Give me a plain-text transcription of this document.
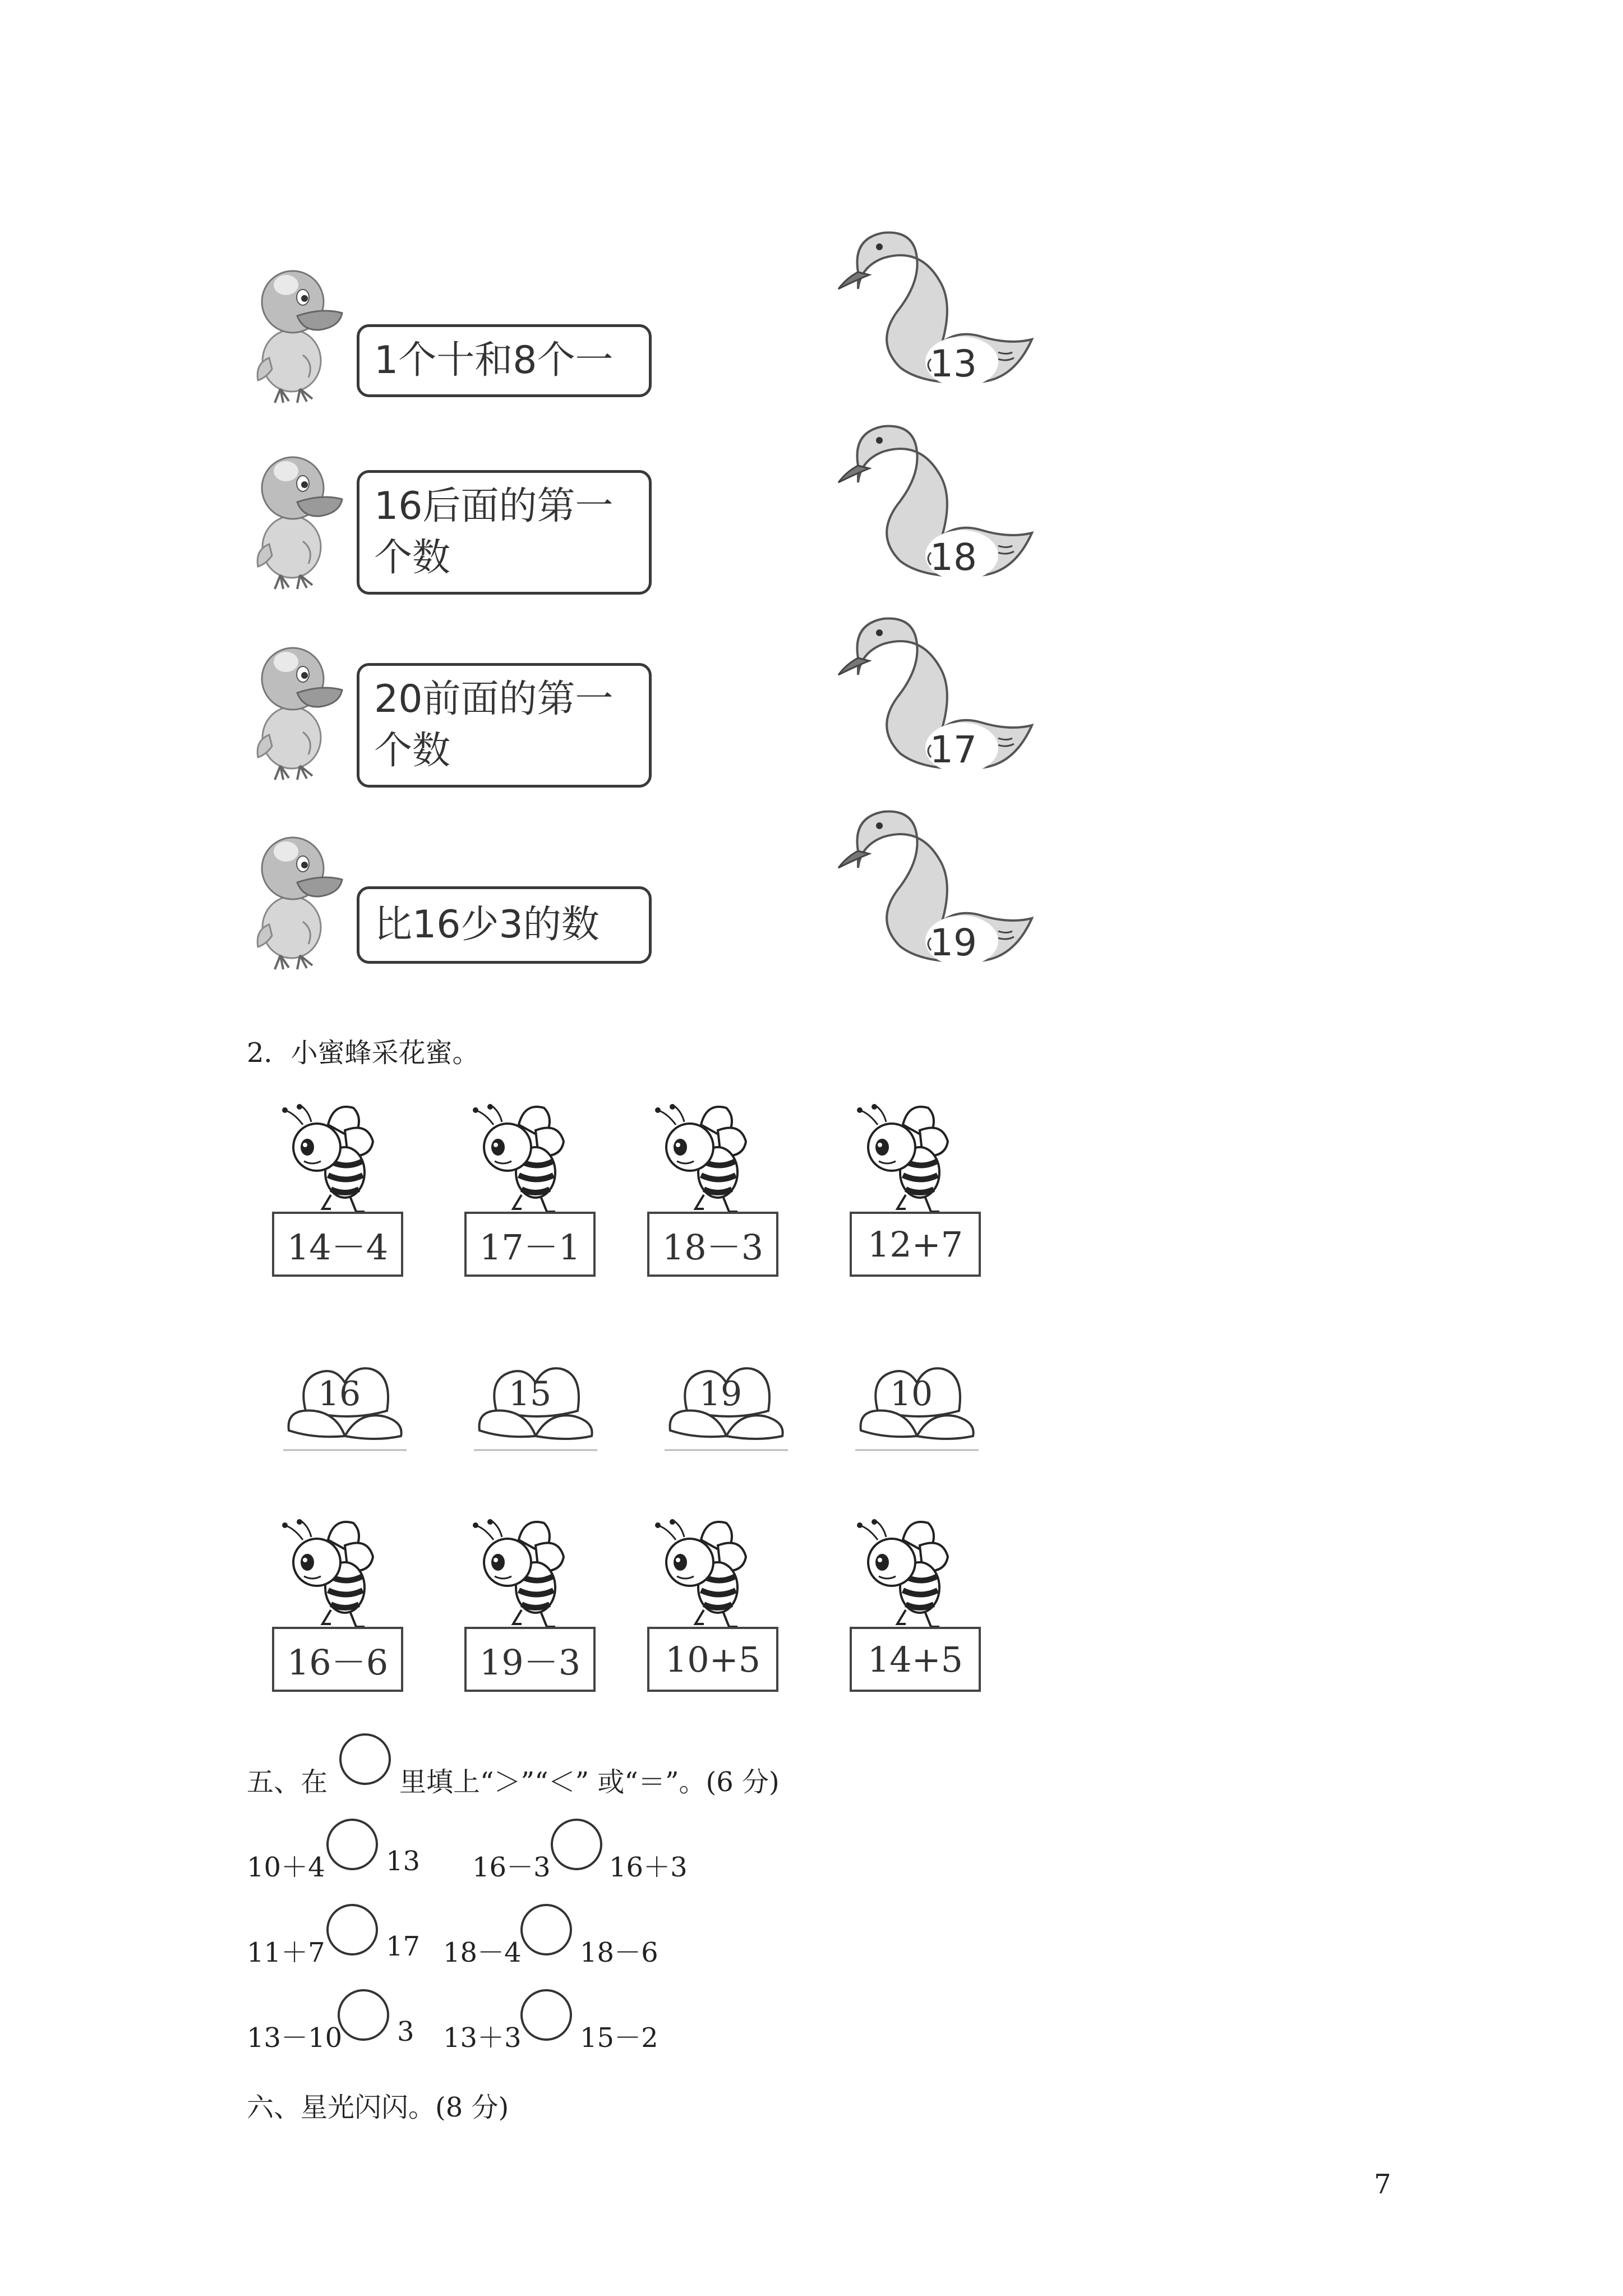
1个十和8个一	13
16后面的第一
个数	18
20前面的第一
个数	17
比16少3的数	19
2．小蜜蜂采花蜜。
14－4	17－1	18－3	12+7
16	15	19	10
16－6	19－3	10+5	14+5
五、在	里填上“＞”“＜” 或“＝”。(6 分)
10＋4 13 16－3 16＋3
11＋7 17 18－4 18－6
13－10 3 13＋3 15－2
六、星光闪闪。(8 分)
7
